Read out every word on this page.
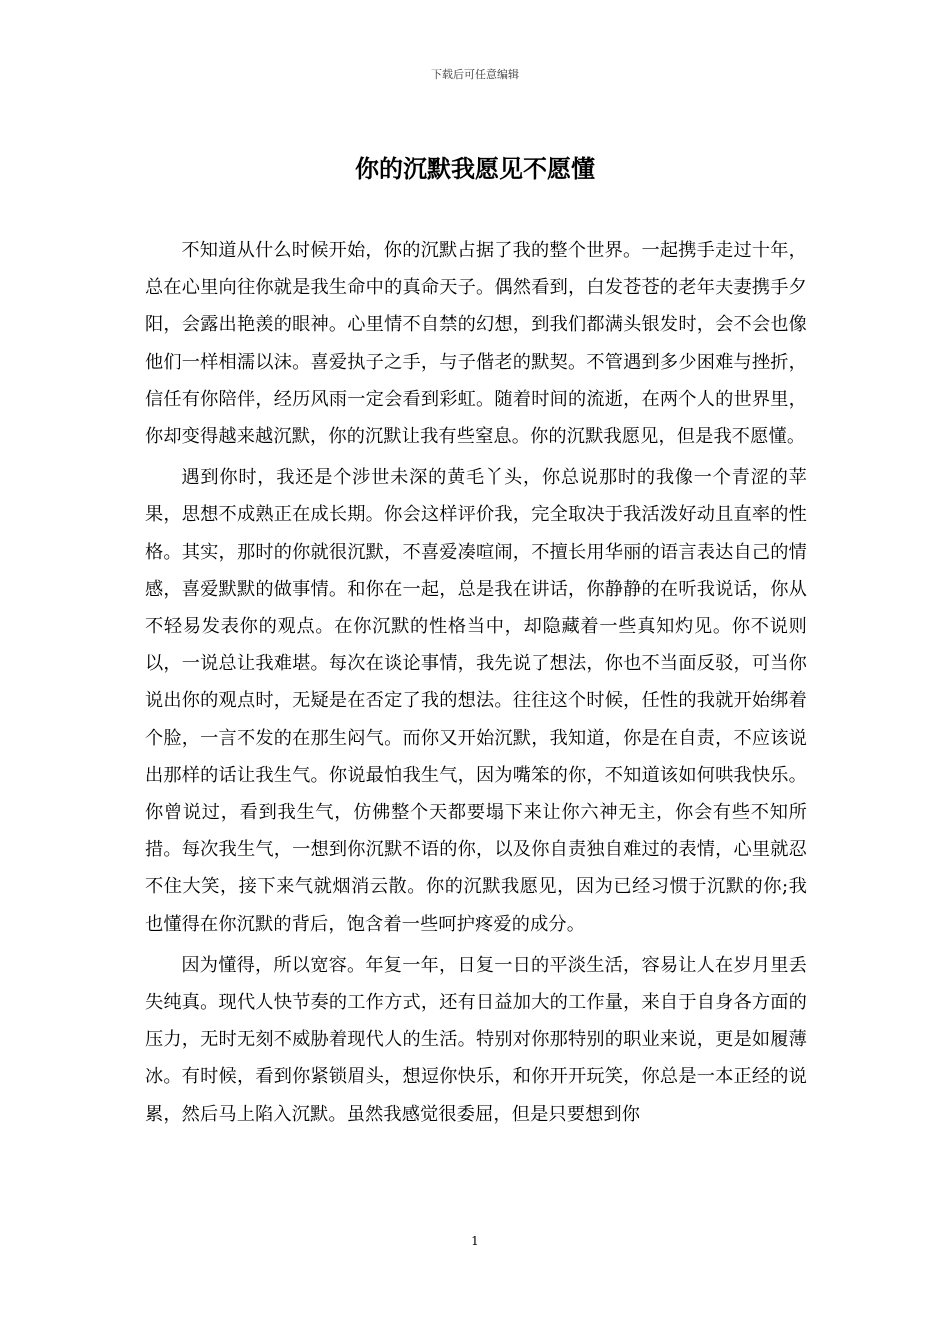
下载后可任意编辑
你的沉默我愿见不愿懂

不知道从什么时候开始，你的沉默占据了我的整个世界。一起携手走过十年，总在心里向往你就是我生命中的真命天子。偶然看到，白发苍苍的老年夫妻携手夕阳，会露出艳羡的眼神。心里情不自禁的幻想，到我们都满头银发时，会不会也像他们一样相濡以沫。喜爱执子之手，与子偕老的默契。不管遇到多少困难与挫折，信任有你陪伴，经历风雨一定会看到彩虹。随着时间的流逝，在两个人的世界里，你却变得越来越沉默，你的沉默让我有些窒息。你的沉默我愿见，但是我不愿懂。

遇到你时，我还是个涉世未深的黄毛丫头，你总说那时的我像一个青涩的苹果，思想不成熟正在成长期。你会这样评价我，完全取决于我活泼好动且直率的性格。其实，那时的你就很沉默，不喜爱凑喧闹，不擅长用华丽的语言表达自己的情感，喜爱默默的做事情。和你在一起，总是我在讲话，你静静的在听我说话，你从不轻易发表你的观点。在你沉默的性格当中，却隐藏着一些真知灼见。你不说则以，一说总让我难堪。每次在谈论事情，我先说了想法，你也不当面反驳，可当你说出你的观点时，无疑是在否定了我的想法。往往这个时候，任性的我就开始绑着个脸，一言不发的在那生闷气。而你又开始沉默，我知道，你是在自责，不应该说出那样的话让我生气。你说最怕我生气，因为嘴笨的你，不知道该如何哄我快乐。你曾说过，看到我生气，仿佛整个天都要塌下来让你六神无主，你会有些不知所措。每次我生气，一想到你沉默不语的你，以及你自责独自难过的表情，心里就忍不住大笑，接下来气就烟消云散。你的沉默我愿见，因为已经习惯于沉默的你;我也懂得在你沉默的背后，饱含着一些呵护疼爱的成分。

因为懂得，所以宽容。年复一年，日复一日的平淡生活，容易让人在岁月里丢失纯真。现代人快节奏的工作方式，还有日益加大的工作量，来自于自身各方面的压力，无时无刻不威胁着现代人的生活。特别对你那特别的职业来说，更是如履薄冰。有时候，看到你紧锁眉头，想逗你快乐，和你开开玩笑，你总是一本正经的说累，然后马上陷入沉默。虽然我感觉很委屈，但是只要想到你

1
